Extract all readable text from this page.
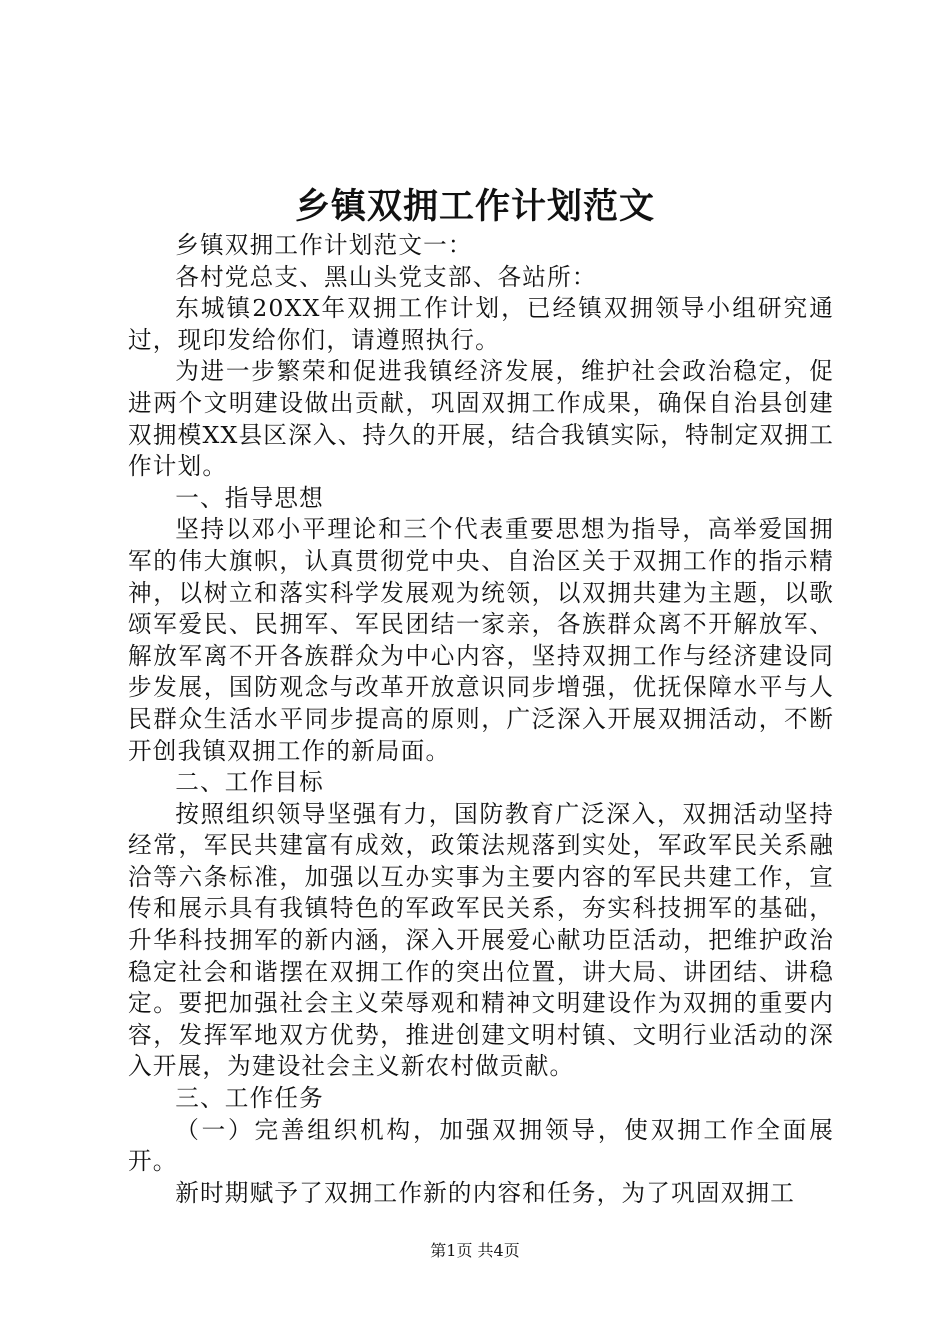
乡镇双拥工作计划范文

乡镇双拥工作计划范文一：

各村党总支、黑山头党支部、各站所：

东城镇20XX年双拥工作计划，已经镇双拥领导小组研究通过，现印发给你们，请遵照执行。

为进一步繁荣和促进我镇经济发展，维护社会政治稳定，促进两个文明建设做出贡献，巩固双拥工作成果，确保自治县创建双拥模XX县区深入、持久的开展，结合我镇实际，特制定双拥工作计划。

一、指导思想

坚持以邓小平理论和三个代表重要思想为指导，高举爱国拥军的伟大旗帜，认真贯彻党中央、自治区关于双拥工作的指示精神，以树立和落实科学发展观为统领，以双拥共建为主题，以歌颂军爱民、民拥军、军民团结一家亲，各族群众离不开解放军、解放军离不开各族群众为中心内容，坚持双拥工作与经济建设同步发展，国防观念与改革开放意识同步增强，优抚保障水平与人民群众生活水平同步提高的原则，广泛深入开展双拥活动，不断开创我镇双拥工作的新局面。

二、工作目标

按照组织领导坚强有力，国防教育广泛深入，双拥活动坚持经常，军民共建富有成效，政策法规落到实处，军政军民关系融洽等六条标准，加强以互办实事为主要内容的军民共建工作，宣传和展示具有我镇特色的军政军民关系，夯实科技拥军的基础，升华科技拥军的新内涵，深入开展爱心献功臣活动，把维护政治稳定社会和谐摆在双拥工作的突出位置，讲大局、讲团结、讲稳定。要把加强社会主义荣辱观和精神文明建设作为双拥的重要内容，发挥军地双方优势，推进创建文明村镇、文明行业活动的深入开展，为建设社会主义新农村做贡献。

三、工作任务

（一）完善组织机构，加强双拥领导，使双拥工作全面展开。

新时期赋予了双拥工作新的内容和任务，为了巩固双拥工

第1页 共4页
